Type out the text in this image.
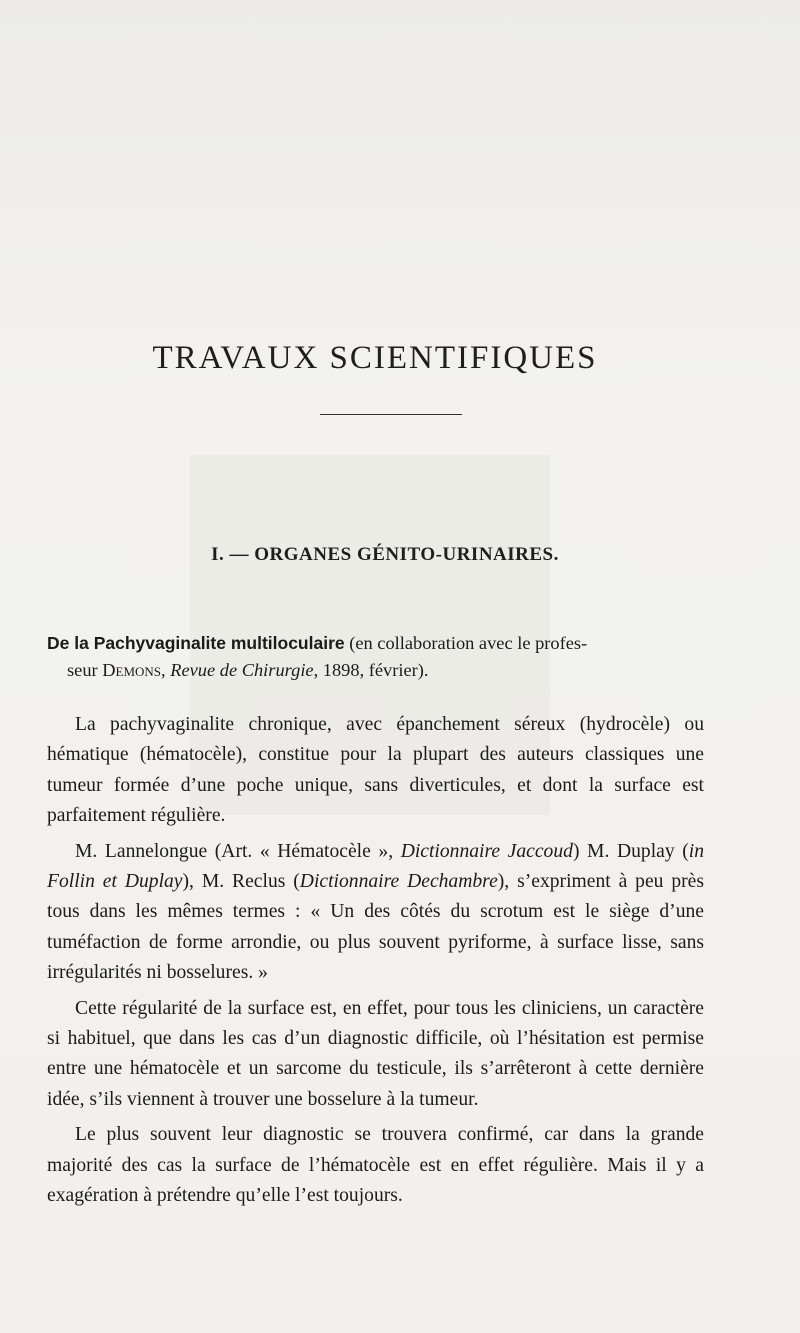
TRAVAUX SCIENTIFIQUES
I. — ORGANES GÉNITO-URINAIRES.
De la Pachyvaginalite multiloculaire (en collaboration avec le profes-
seur Demons, Revue de Chirurgie, 1898, février).

La pachyvaginalite chronique, avec épanchement séreux (hydrocèle) ou hématique (hématocèle), constitue pour la plupart des auteurs classiques une tumeur formée d’une poche unique, sans diverticules, et dont la surface est parfaitement régulière.

M. Lannelongue (Art. « Hématocèle », Dictionnaire Jaccoud) M. Duplay (in Follin et Duplay), M. Reclus (Dictionnaire Dechambre), s’expriment à peu près tous dans les mêmes termes : « Un des côtés du scrotum est le siège d’une tuméfaction de forme arrondie, ou plus souvent pyriforme, à surface lisse, sans irrégularités ni bosselures. »

Cette régularité de la surface est, en effet, pour tous les cliniciens, un caractère si habituel, que dans les cas d’un diagnostic difficile, où l’hésitation est permise entre une hématocèle et un sarcome du testicule, ils s’arrêteront à cette dernière idée, s’ils viennent à trouver une bosselure à la tumeur.

Le plus souvent leur diagnostic se trouvera confirmé, car dans la grande majorité des cas la surface de l’hématocèle est en effet régulière. Mais il y a exagération à prétendre qu’elle l’est toujours.
